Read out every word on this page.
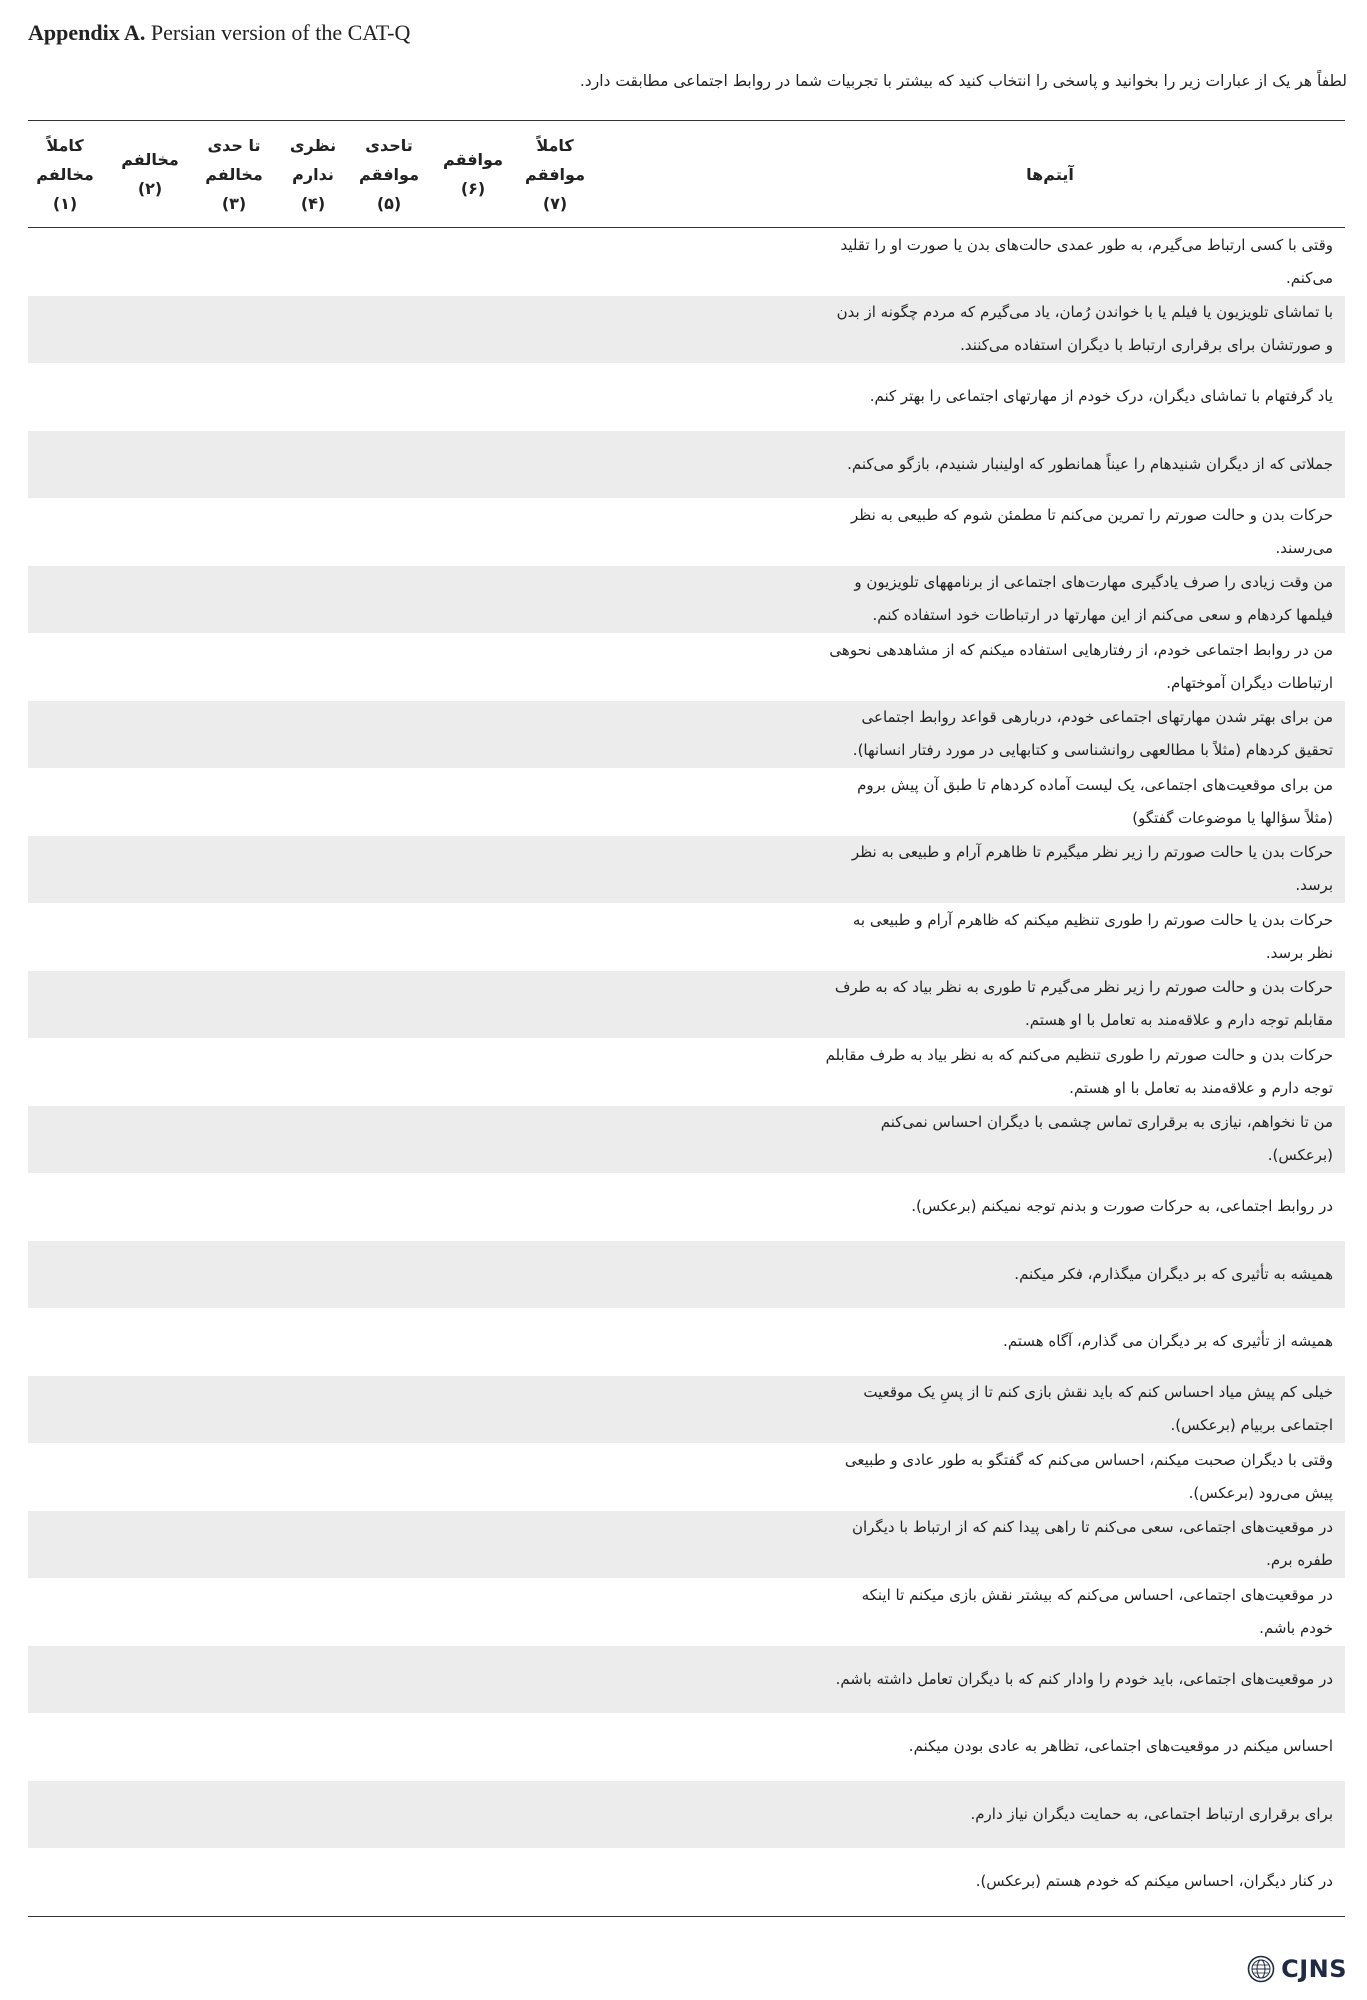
Appendix A. Persian version of the CAT-Q
لطفاً هر یک از عبارات زیر را بخوانید و پاسخی را انتخاب کنید که بیشتر با تجربیات شما در روابط اجتماعی مطابقت دارد.
آیتم‌ها
کاملاً
موافقم
(۷)
موافقم
(۶)
تاحدی
موافقم
(۵)
نظری
ندارم
(۴)
تا حدی
مخالفم
(۳)
مخالفم
(۲)
کاملاً
مخالفم
(۱)
وقتی با کسی ارتباط می‌گیرم، به طور عمدی حالت‌های بدن یا صورت او را تقلید
می‌کنم.
با تماشای تلویزیون یا فیلم یا با خواندن رُمان، یاد می‌گیرم که مردم چگونه از بدن
و صورتشان برای برقراری ارتباط با دیگران استفاده می‌کنند.
یاد گرفتهام با تماشای دیگران، درک خودم از مهارتهای اجتماعی را بهتر کنم.
جملاتی که از دیگران شنیدهام را عیناً همانطور که اولینبار شنیدم، بازگو می‌کنم.
حرکات بدن و حالت صورتم را تمرین می‌کنم تا مطمئن شوم که طبیعی به نظر
می‌رسند.
من وقت زیادی را صرف یادگیری مهارت‌های اجتماعی از برنامههای تلویزیون و
فیلمها کردهام و سعی می‌کنم از این مهارتها در ارتباطات خود استفاده کنم.
من در روابط اجتماعی خودم، از رفتارهایی استفاده میکنم که از مشاهدهی نحوهی
ارتباطات دیگران آموختهام.
من برای بهتر شدن مهارتهای اجتماعی خودم، دربارهی قواعد روابط اجتماعی
تحقیق کردهام (مثلاً با مطالعهی روانشناسی و کتابهایی در مورد رفتار انسانها).
من برای موقعیت‌های اجتماعی، یک لیست آماده کردهام تا طبق آن پیش بروم
(مثلاً سؤالها یا موضوعات گفتگو)
حرکات بدن یا حالت صورتم را زیر نظر میگیرم تا ظاهرم آرام و طبیعی به نظر
برسد.
حرکات بدن یا حالت صورتم را طوری تنظیم میکنم که ظاهرم آرام و طبیعی به
نظر برسد.
حرکات بدن و حالت صورتم را زیر نظر می‌گیرم تا طوری به نظر بیاد که به طرف
مقابلم توجه دارم و علاقه‌مند به تعامل با او هستم.
حرکات بدن و حالت صورتم را طوری تنظیم می‌کنم که به نظر بیاد به طرف مقابلم
توجه دارم و علاقه‌مند به تعامل با او هستم.
من تا نخواهم، نیازی به برقراری تماس چشمی با دیگران احساس نمی‌کنم
(برعکس).
در روابط اجتماعی، به حرکات صورت و بدنم توجه نمیکنم (برعکس).
همیشه به تأثیری که بر دیگران میگذارم، فکر میکنم.
همیشه از تأثیری که بر دیگران می گذارم، آگاه هستم.
خیلی کم پیش میاد احساس کنم که باید نقش بازی کنم تا از پسِ یک موقعیت
اجتماعی بربیام (برعکس).
وقتی با دیگران صحبت میکنم، احساس می‌کنم که گفتگو به طور عادی و طبیعی
پیش می‌رود (برعکس).
در موقعیت‌های اجتماعی، سعی می‌کنم تا راهی پیدا کنم که از ارتباط با دیگران
طفره برم.
در موقعیت‌های اجتماعی، احساس می‌کنم که بیشتر نقش بازی میکنم تا اینکه
خودم باشم.
در موقعیت‌های اجتماعی، باید خودم را وادار کنم که با دیگران تعامل داشته باشم.
احساس میکنم در موقعیت‌های اجتماعی، تظاهر به عادی بودن میکنم.
برای برقراری ارتباط اجتماعی، به حمایت دیگران نیاز دارم.
در کنار دیگران، احساس میکنم که خودم هستم (برعکس).
CJNS
